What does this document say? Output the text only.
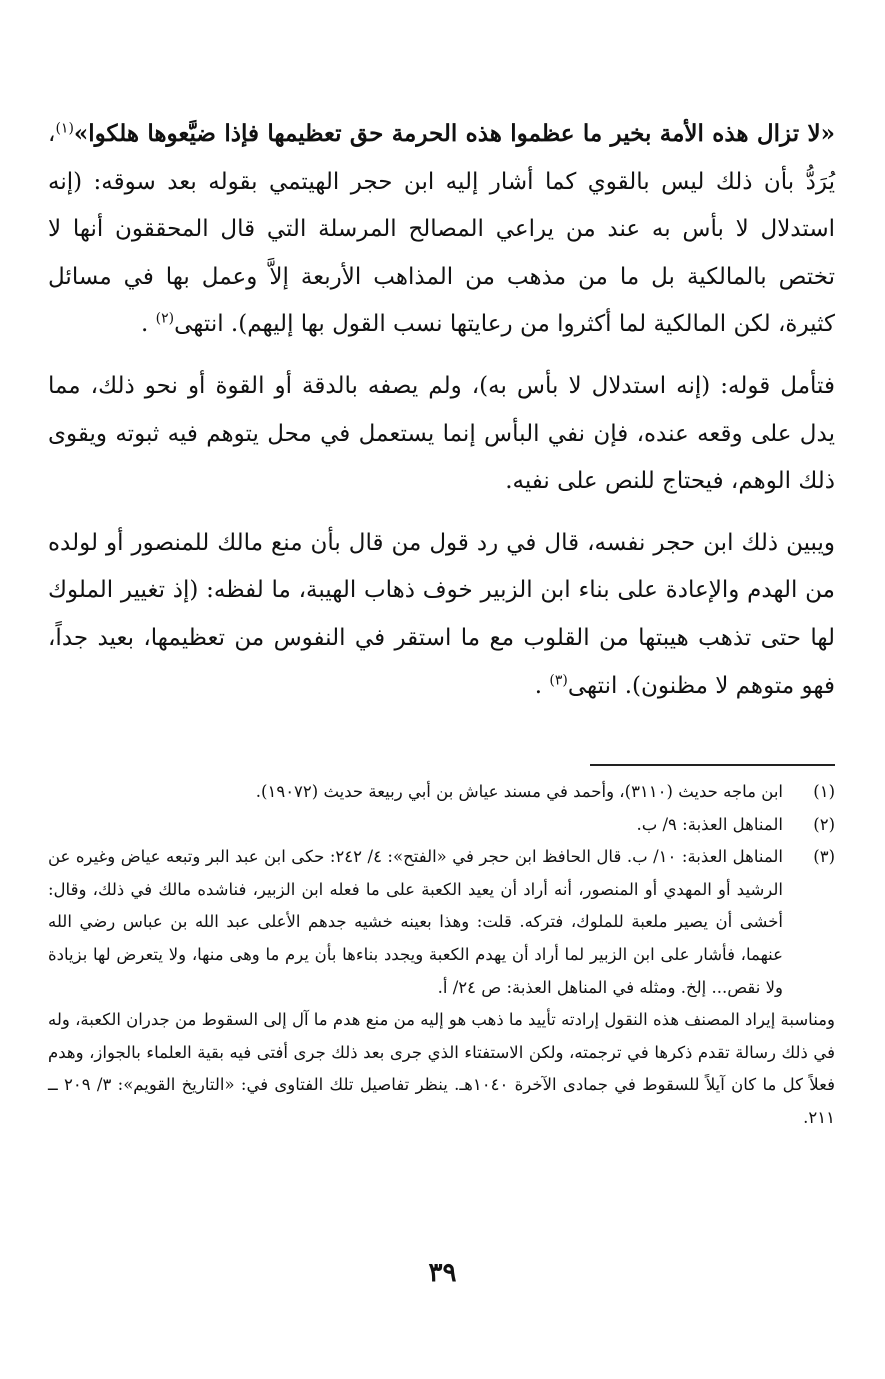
«لا تزال هذه الأمة بخير ما عظموا هذه الحرمة حق تعظيمها فإذا ضيَّعوها هلكوا»$^{(١)}$، يُرَدُّ بأن ذلك ليس بالقوي كما أشار إليه ابن حجر الهيتمي بقوله بعد سوقه: (إنه استدلال لا بأس به عند من يراعي المصالح المرسلة التي قال المحققون أنها لا تختص بالمالكية بل ما من مذهب من المذاهب الأربعة إلاَّ وعمل بها في مسائل كثيرة، لكن المالكية لما أكثروا من رعايتها نسب القول بها إليهم). انتهى$^{(٢)}$ .

فتأمل قوله: (إنه استدلال لا بأس به)، ولم يصفه بالدقة أو القوة أو نحو ذلك، مما يدل على وقعه عنده، فإن نفي البأس إنما يستعمل في محل يتوهم فيه ثبوته ويقوى ذلك الوهم، فيحتاج للنص على نفيه.

ويبين ذلك ابن حجر نفسه، قال في رد قول من قال بأن منع مالك للمنصور أو لولده من الهدم والإعادة على بناء ابن الزبير خوف ذهاب الهيبة، ما لفظه: (إذ تغيير الملوك لها حتى تذهب هيبتها من القلوب مع ما استقر في النفوس من تعظيمها، بعيد جداً، فهو متوهم لا مظنون). انتهى$^{(٣)}$ .

(١)
ابن ماجه حديث (٣١١٠)، وأحمد في مسند عياش بن أبي ربيعة حديث (١٩٠٧٢).
(٢)
المناهل العذبة: ٩/ ب.
(٣)
المناهل العذبة: ١٠/ ب. قال الحافظ ابن حجر في «الفتح»: ٤/ ٢٤٢: حكى ابن عبد البر وتبعه عياض وغيره عن الرشيد أو المهدي أو المنصور، أنه أراد أن يعيد الكعبة على ما فعله ابن الزبير، فناشده مالك في ذلك، وقال: أخشى أن يصير ملعبة للملوك، فتركه. قلت: وهذا بعينه خشيه جدهم الأعلى عبد الله بن عباس رضي الله عنهما، فأشار على ابن الزبير لما أراد أن يهدم الكعبة ويجدد بناءها بأن يرم ما وهى منها، ولا يتعرض لها بزيادة ولا نقص... إلخ. ومثله في المناهل العذبة: ص ٢٤/ أ.
ومناسبة إيراد المصنف هذه النقول إرادته تأييد ما ذهب هو إليه من منع هدم ما آل إلى السقوط من جدران الكعبة، وله في ذلك رسالة تقدم ذكرها في ترجمته، ولكن الاستفتاء الذي جرى بعد ذلك جرى أفتى فيه بقية العلماء بالجواز، وهدم فعلاً كل ما كان آيلاً للسقوط في جمادى الآخرة ١٠٤٠هـ. ينظر تفاصيل تلك الفتاوى في: «التاريخ القويم»: ٣/ ٢٠٩ ــ ٢١١.
٣٩
